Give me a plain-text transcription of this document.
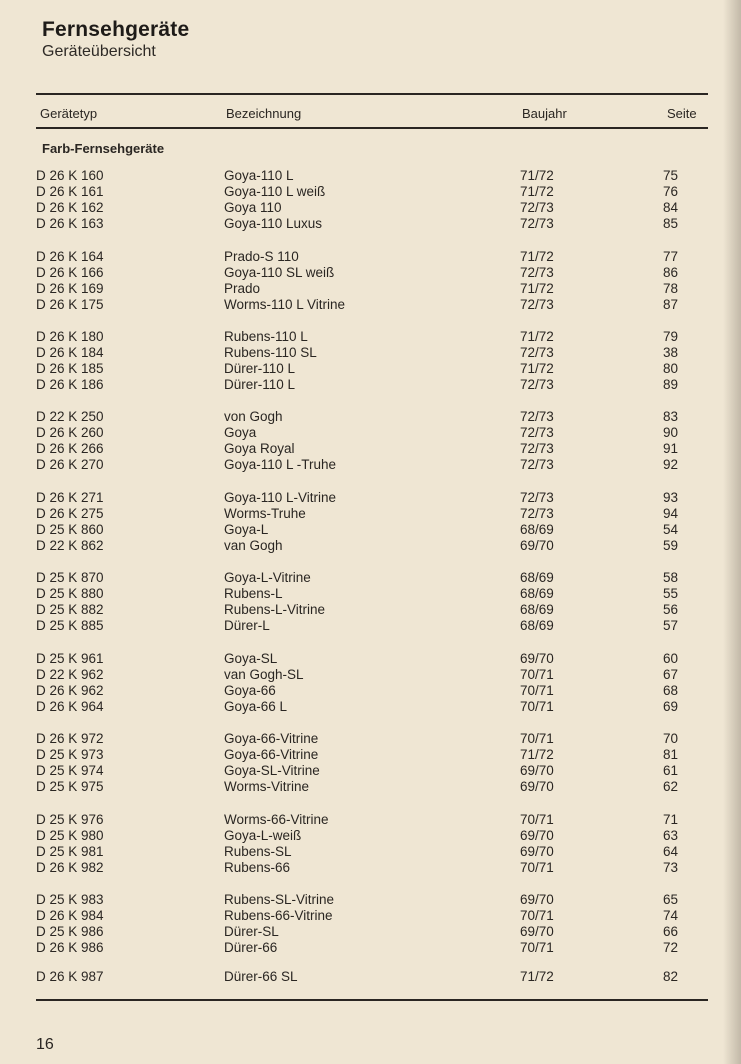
Fernsehgeräte
Geräteübersicht
Gerätetyp	Bezeichnung	Baujahr	Seite
Farb-Fernsehgeräte
D 26 K 160	Goya-110 L	71/72	75
D 26 K 161	Goya-110 L weiß	71/72	76
D 26 K 162	Goya 110	72/73	84
D 26 K 163	Goya-110 Luxus	72/73	85
D 26 K 164	Prado-S 110	71/72	77
D 26 K 166	Goya-110 SL weiß	72/73	86
D 26 K 169	Prado	71/72	78
D 26 K 175	Worms-110 L Vitrine	72/73	87
D 26 K 180	Rubens-110 L	71/72	79
D 26 K 184	Rubens-110 SL	72/73	38
D 26 K 185	Dürer-110 L	71/72	80
D 26 K 186	Dürer-110 L	72/73	89
D 22 K 250	von Gogh	72/73	83
D 26 K 260	Goya	72/73	90
D 26 K 266	Goya Royal	72/73	91
D 26 K 270	Goya-110 L -Truhe	72/73	92
D 26 K 271	Goya-110 L-Vitrine	72/73	93
D 26 K 275	Worms-Truhe	72/73	94
D 25 K 860	Goya-L	68/69	54
D 22 K 862	van Gogh	69/70	59
D 25 K 870	Goya-L-Vitrine	68/69	58
D 25 K 880	Rubens-L	68/69	55
D 25 K 882	Rubens-L-Vitrine	68/69	56
D 25 K 885	Dürer-L	68/69	57
D 25 K 961	Goya-SL	69/70	60
D 22 K 962	van Gogh-SL	70/71	67
D 26 K 962	Goya-66	70/71	68
D 26 K 964	Goya-66 L	70/71	69
D 26 K 972	Goya-66-Vitrine	70/71	70
D 25 K 973	Goya-66-Vitrine	71/72	81
D 25 K 974	Goya-SL-Vitrine	69/70	61
D 25 K 975	Worms-Vitrine	69/70	62
D 25 K 976	Worms-66-Vitrine	70/71	71
D 25 K 980	Goya-L-weiß	69/70	63
D 25 K 981	Rubens-SL	69/70	64
D 26 K 982	Rubens-66	70/71	73
D 25 K 983	Rubens-SL-Vitrine	69/70	65
D 26 K 984	Rubens-66-Vitrine	70/71	74
D 25 K 986	Dürer-SL	69/70	66
D 26 K 986	Dürer-66	70/71	72
D 26 K 987	Dürer-66 SL	71/72	82
16
